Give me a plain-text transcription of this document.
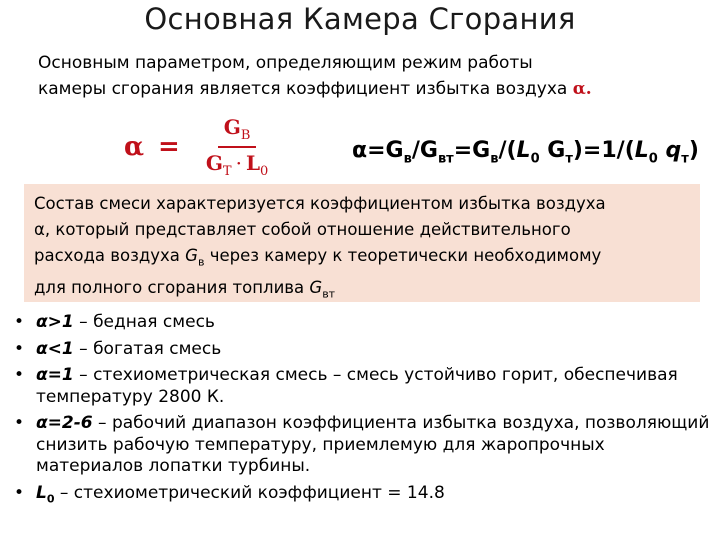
Основная Камера Сгорания
Основным параметром, определяющим режим работы
камеры сгорания является коэффициент избытка воздуха α.
$\alpha = \frac{G_В}{G_Т \cdot L_0}$	$\alpha=G_в/G_{вт}=G_в/(L_0$ $G_т)=1/(L_0$ $q_т$)
Состав смеси характеризуется коэффициентом избытка воздуха
α, который представляет собой отношение действительного
расхода воздуха $G_в$ через камеру к теоретически необходимому
для полного сгорания топлива $G_{вт}$
• α>1 – бедная смесь
• α<1 – богатая смесь
• α=1 – стехиометрическая смесь – смесь устойчиво горит, обеспечивая температуру 2800 К.
• α=2-6 – рабочий диапазон коэффициента избытка воздуха, позволяющий снизить рабочую температуру, приемлемую для жаропрочных материалов лопатки турбины.
• $L_0$ – стехиометрический коэффициент = 14.8
